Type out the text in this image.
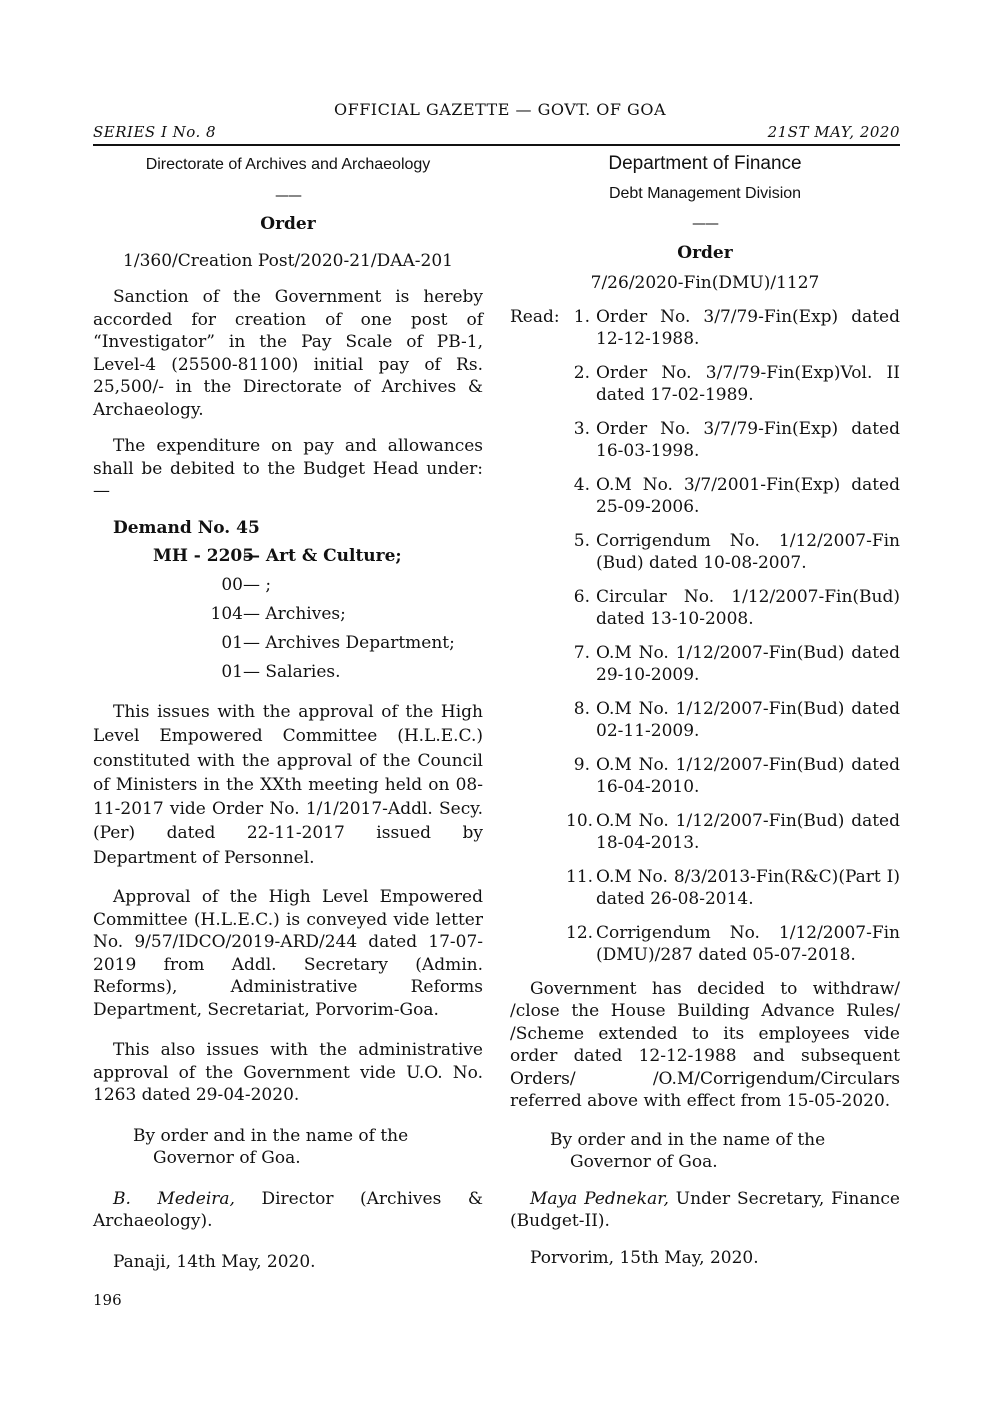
OFFICIAL GAZETTE — GOVT. OF GOA
SERIES I No. 8	21ST MAY, 2020

Directorate of Archives and Archaeology

——

Order

1/360/Creation Post/2020-21/DAA-201

Sanction of the Government is hereby accorded for creation of one post of “Investigator” in the Pay Scale of PB-1, Level-4 (25500-81100) initial pay of Rs. 25,500/- in the Directorate of Archives & Archaeology.

The expenditure on pay and allowances shall be debited to the Budget Head under:—

Demand No. 45

MH - 2205
— Art & Culture;
00 — ;
104 — Archives;
01 — Archives Department;
01 — Salaries.

This issues with the approval of the High Level Empowered Committee (H.L.E.C.) constituted with the approval of the Council of Ministers in the XXth meeting held on 08-11-2017 vide Order No. 1/1/2017-Addl. Secy. (Per) dated 22-11-2017 issued by Department of Personnel.

Approval of the High Level Empowered Committee (H.L.E.C.) is conveyed vide letter No. 9/57/IDCO/2019-ARD/244 dated 17-07-2019 from Addl. Secretary (Admin. Reforms), Administrative Reforms Department, Secretariat, Porvorim-Goa.

This also issues with the administrative approval of the Government vide U.O. No. 1263 dated 29-04-2020.

By order and in the name of the Governor of Goa.

B. Medeira, Director (Archives & Archaeology).

Panaji, 14th May, 2020.

Department of Finance

Debt Management Division

——

Order

7/26/2020-Fin(DMU)/1127

Read: 1. Order No. 3/7/79-Fin(Exp) dated 12-12-1988.
2. Order No. 3/7/79-Fin(Exp)Vol. II dated 17-02-1989.
3. Order No. 3/7/79-Fin(Exp) dated 16-03-1998.
4. O.M No. 3/7/2001-Fin(Exp) dated 25-09-2006.
5. Corrigendum No. 1/12/2007-Fin (Bud) dated 10-08-2007.
6. Circular No. 1/12/2007-Fin(Bud) dated 13-10-2008.
7. O.M No. 1/12/2007-Fin(Bud) dated 29-10-2009.
8. O.M No. 1/12/2007-Fin(Bud) dated 02-11-2009.
9. O.M No. 1/12/2007-Fin(Bud) dated 16-04-2010.
10. O.M No. 1/12/2007-Fin(Bud) dated 18-04-2013.
11. O.M No. 8/3/2013-Fin(R&C)(Part I) dated 26-08-2014.
12. Corrigendum No. 1/12/2007-Fin (DMU)/287 dated 05-07-2018.

Government has decided to withdraw/ /close the House Building Advance Rules/ /Scheme extended to its employees vide order dated 12-12-1988 and subsequent Orders/ /O.M/Corrigendum/Circulars referred above with effect from 15-05-2020.

By order and in the name of the Governor of Goa.

Maya Pednekar, Under Secretary, Finance (Budget-II).

Porvorim, 15th May, 2020.

196
